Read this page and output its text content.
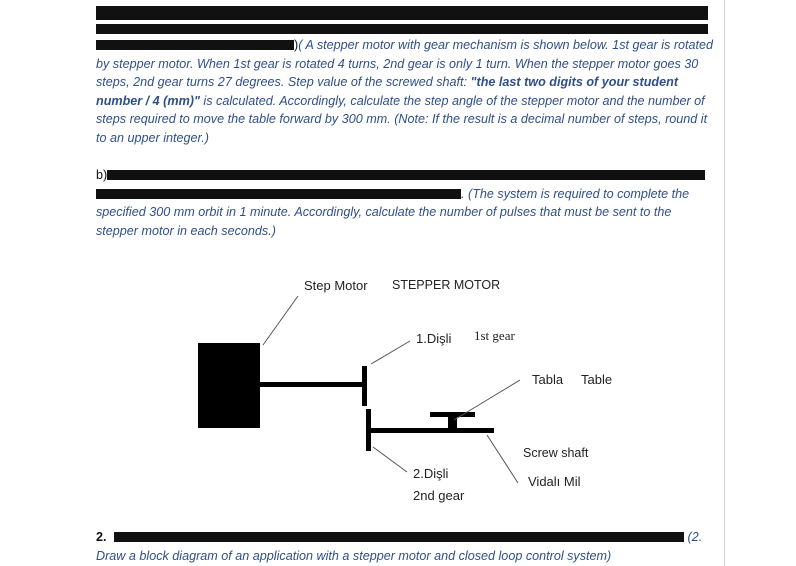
)( A stepper motor with gear mechanism is shown below. 1st gear is rotated by stepper motor. When 1st gear is rotated 4 turns, 2nd gear is only 1 turn. When the stepper motor goes 30 steps, 2nd gear turns 27 degrees. Step value of the screwed shaft: "the last two digits of your student number / 4 (mm)" is calculated. Accordingly, calculate the step angle of the stepper motor and the number of steps required to move the table forward by 300 mm. (Note: If the result is a decimal number of steps, round it to an upper integer.)
b)
. (The system is required to complete the specified 300 mm orbit in 1 minute. Accordingly, calculate the number of pulses that must be sent to the stepper motor in each seconds.)
Step Motor STEPPER MOTOR
1.Dişli 1st gear
Tabla Table
Screw shaft
Vidalı Mil
2.Dişli
2nd gear
2.	(2.
Draw a block diagram of an application with a stepper motor and closed loop control system)
